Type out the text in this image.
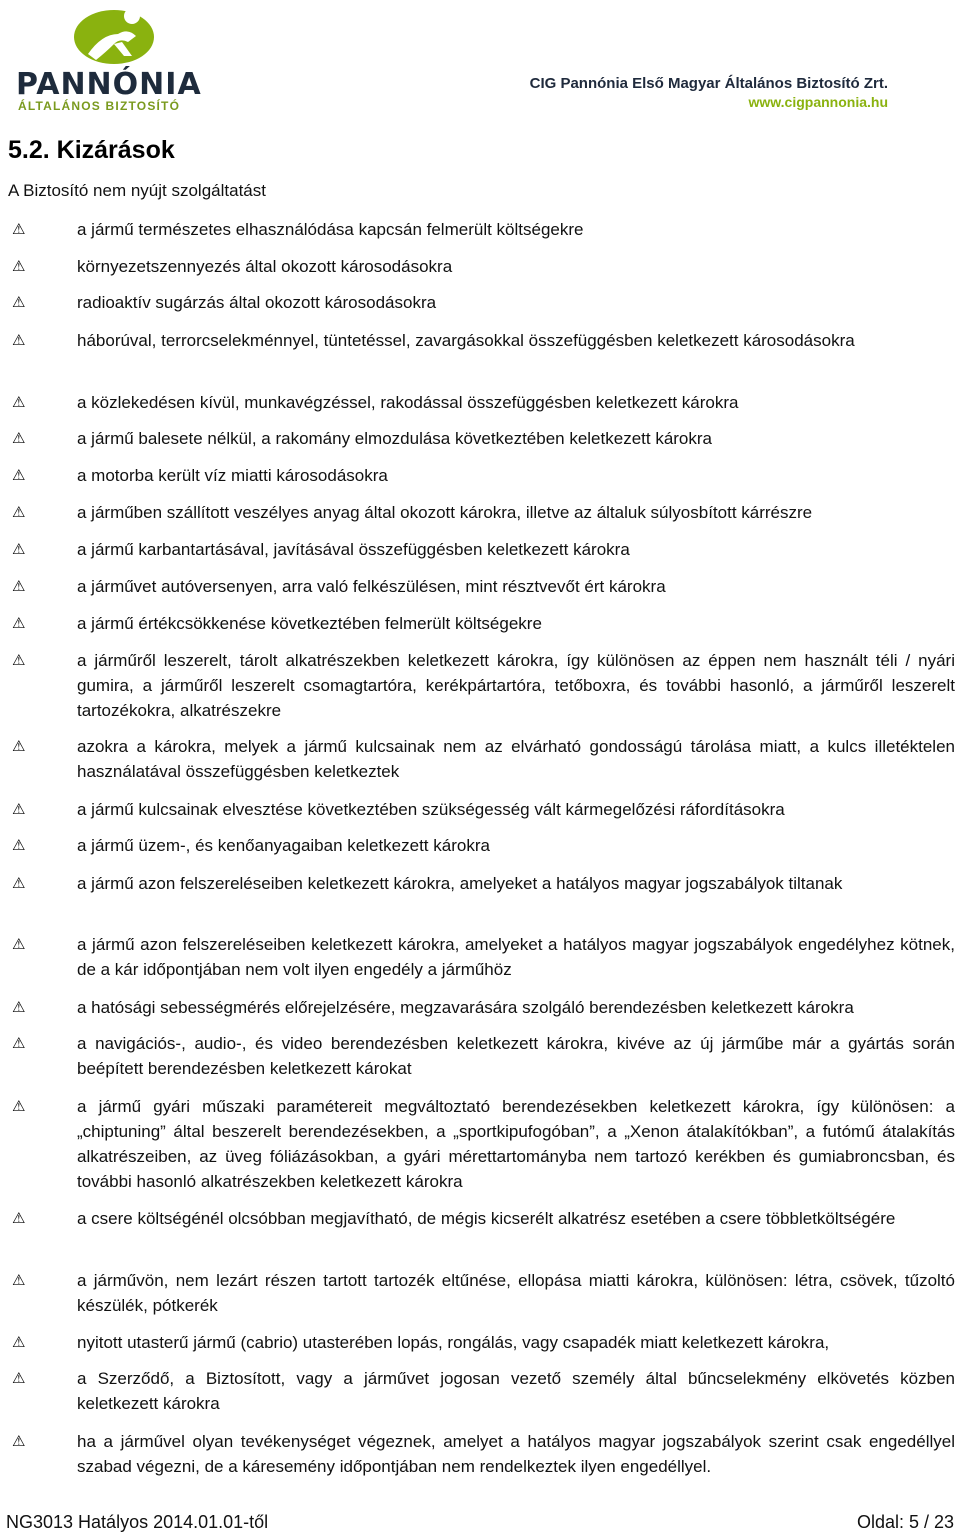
PANNÓNIA
ÁLTALÁNOS BIZTOSÍTÓ
CIG Pannónia Első Magyar Általános Biztosító Zrt.
www.cigpannonia.hu
5.2. Kizárások
A Biztosító nem nyújt szolgáltatást
⚠	a jármű természetes elhasználódása kapcsán felmerült költségekre
⚠	környezetszennyezés által okozott károsodásokra
⚠	radioaktív sugárzás által okozott károsodásokra
⚠	háborúval, terrorcselekménnyel, tüntetéssel, zavargásokkal összefüggésben keletkezett károsodásokra
⚠	a közlekedésen kívül, munkavégzéssel, rakodással összefüggésben keletkezett károkra
⚠	a jármű balesete nélkül, a rakomány elmozdulása következtében keletkezett károkra
⚠	a motorba került víz miatti károsodásokra
⚠	a járműben szállított veszélyes anyag által okozott károkra, illetve az általuk súlyosbított kárrészre
⚠	a jármű karbantartásával, javításával összefüggésben keletkezett károkra
⚠	a járművet autóversenyen, arra való felkészülésen, mint résztvevőt ért károkra
⚠	a jármű értékcsökkenése következtében felmerült költségekre
⚠	a járműről leszerelt, tárolt alkatrészekben keletkezett károkra, így különösen az éppen nem használt téli / nyári gumira, a járműről leszerelt csomagtartóra, kerékpártartóra, tetőboxra, és további hasonló, a járműről leszerelt tartozékokra, alkatrészekre
⚠	azokra a károkra, melyek a jármű kulcsainak nem az elvárható gondosságú tárolása miatt, a kulcs illetéktelen használatával összefüggésben keletkeztek
⚠	a jármű kulcsainak elvesztése következtében szükségesség vált kármegelőzési ráfordításokra
⚠	a jármű üzem-, és kenőanyagaiban keletkezett károkra
⚠	a jármű azon felszereléseiben keletkezett károkra, amelyeket a hatályos magyar jogszabályok tiltanak
⚠	a jármű azon felszereléseiben keletkezett károkra, amelyeket a hatályos magyar jogszabályok engedélyhez kötnek, de a kár időpontjában nem volt ilyen engedély a járműhöz
⚠	a hatósági sebességmérés előrejelzésére, megzavarására szolgáló berendezésben keletkezett károkra
⚠	a navigációs-, audio-, és video berendezésben keletkezett károkra, kivéve az új járműbe már a gyártás során beépített berendezésben keletkezett károkat
⚠	a jármű gyári műszaki paramétereit megváltoztató berendezésekben keletkezett károkra, így különösen: a „chiptuning” által beszerelt berendezésekben, a „sportkipufogóban”, a „Xenon átalakítókban”, a futómű átalakítás alkatrészeiben, az üveg fóliázásokban, a gyári mérettartományba nem tartozó kerékben és gumiabroncsban, és további hasonló alkatrészekben keletkezett károkra
⚠	a csere költségénél olcsóbban megjavítható, de mégis kicserélt alkatrész esetében a csere többletköltségére
⚠	a járművön, nem lezárt részen tartott tartozék eltűnése, ellopása miatti károkra, különösen: létra, csövek, tűzoltó készülék, pótkerék
⚠	nyitott utasterű jármű (cabrio) utasterében lopás, rongálás, vagy csapadék miatt keletkezett károkra,
⚠	a Szerződő, a Biztosított, vagy a járművet jogosan vezető személy által bűncselekmény elkövetés közben keletkezett károkra
⚠	ha a járművel olyan tevékenységet végeznek, amelyet a hatályos magyar jogszabályok szerint csak engedéllyel szabad végezni, de a káresemény időpontjában nem rendelkeztek ilyen engedéllyel.
NG3013 Hatályos 2014.01.01-től	Oldal: 5 / 23
